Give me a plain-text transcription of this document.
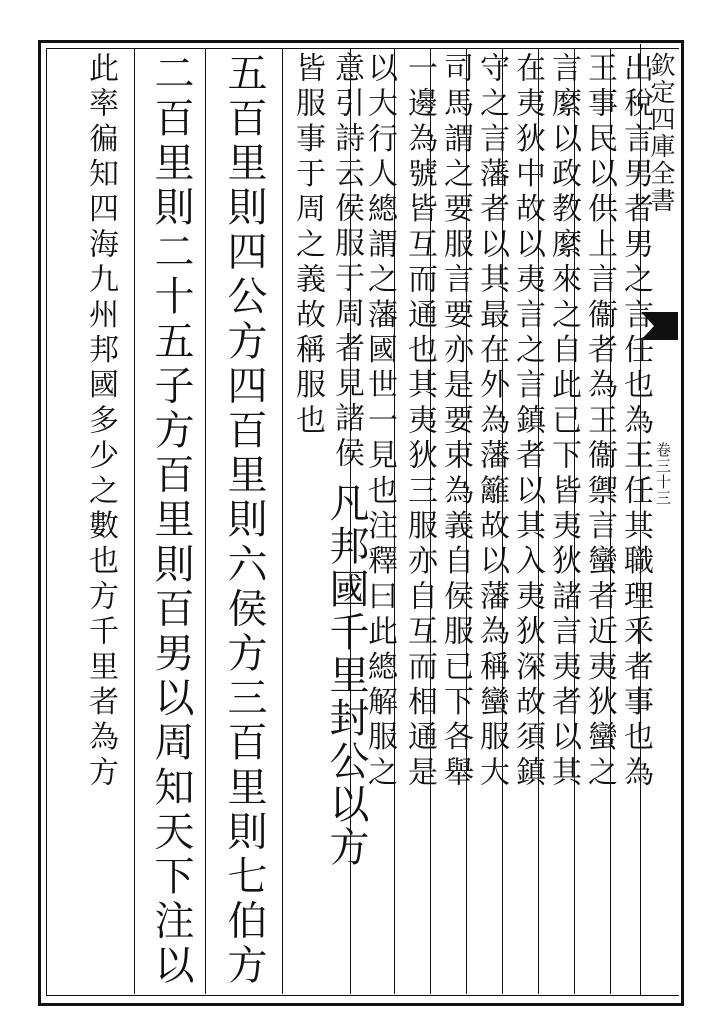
欽定四庫全書
卷三十三
出稅言男者男之言任也為王任其職理釆者事也為
王事民以供上言衞者為王衞禦言蠻者近夷狄蠻之
言縻以政教縻來之自此已下皆夷狄諸言夷者以其
在夷狄中故以夷言之言鎮者以其入夷狄深故須鎮
守之言藩者以其最在外為藩籬故以藩為稱蠻服大
司馬謂之要服言要亦是要束為義自侯服已下各舉
一邊為號皆互而通也其夷狄三服亦自互而相通是
以大行人總謂之藩國世一見也注釋曰此總解服之
意引詩云侯服于周者見諸侯凡邦國千里封公以方
皆服事于周之義故稱服也
五百里則四公方四百里則六侯方三百里則七伯方
二百里則二十五子方百里則百男以周知天下注以
此率徧知四海九州邦國多少之數也方千里者為方
